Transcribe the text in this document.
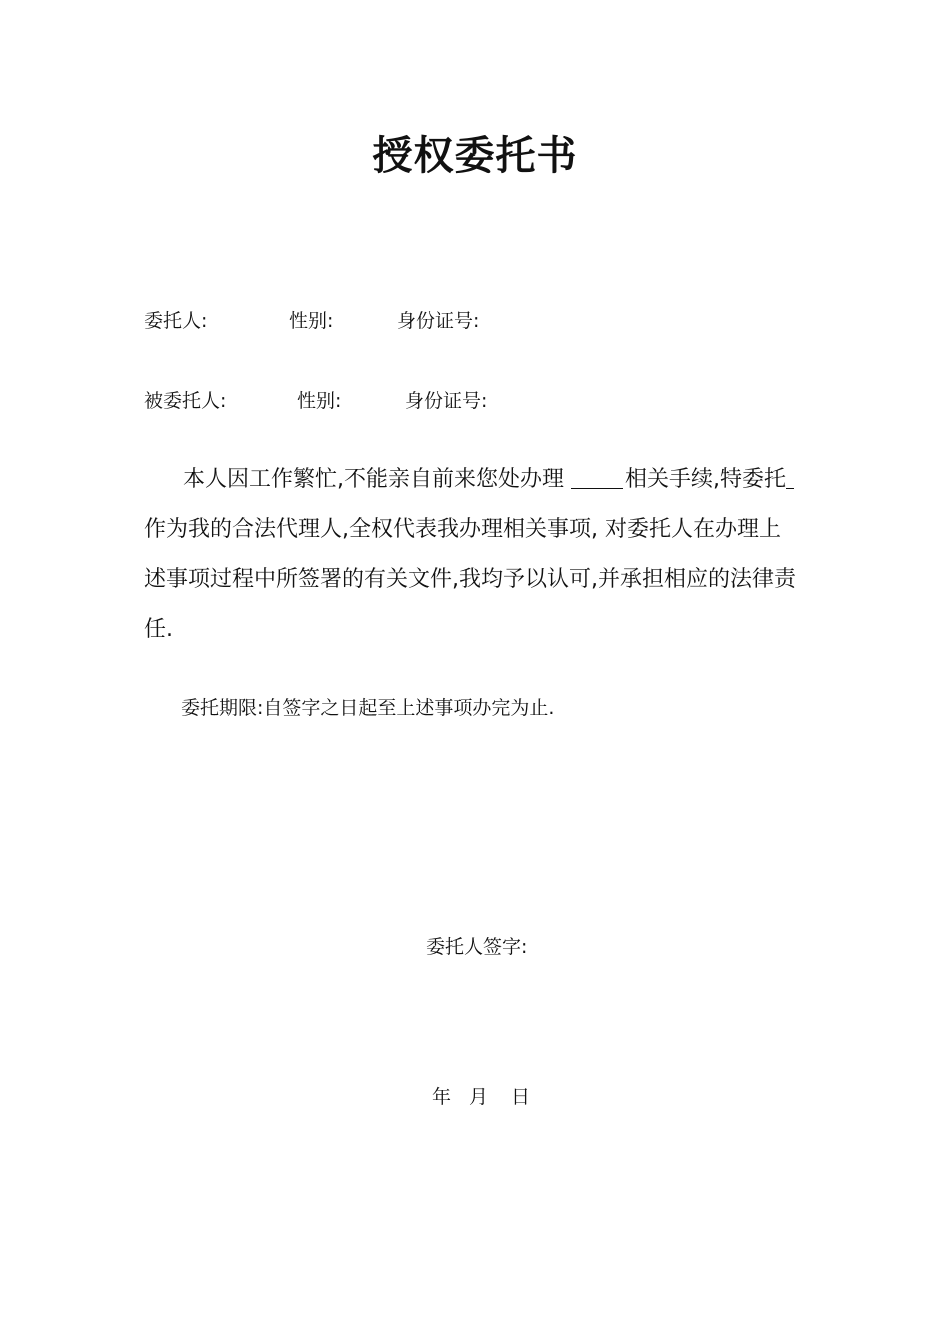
授权委托书
委托人:	性别:	身份证号:
被委托人:	性别:	身份证号:

本人因工作繁忙,不能亲自前来您处办理 相关手续,特委托

作为我的合法代理人,全权代表我办理相关事项, 对委托人在办理上

述事项过程中所签署的有关文件,我均予以认可,并承担相应的法律责

任.

委托期限:自签字之日起至上述事项办完为止.
委托人签字:
年 月 日
